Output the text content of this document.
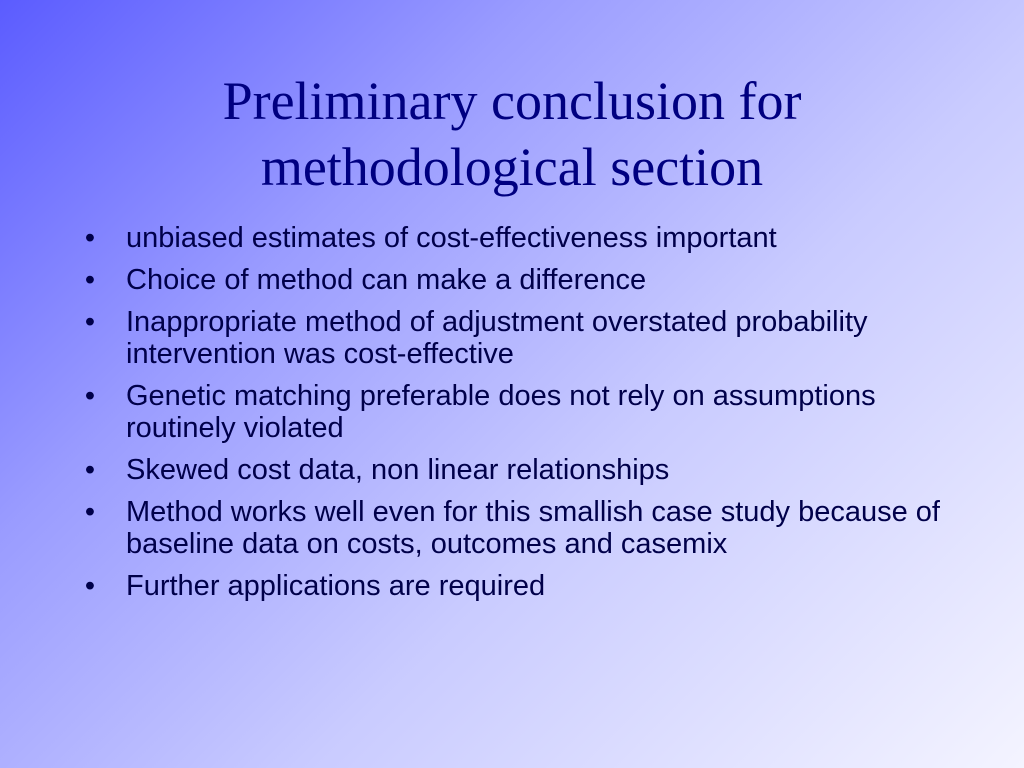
Preliminary conclusion for
methodological section
• unbiased estimates of cost-effectiveness important
• Choice of method can make a difference
• Inappropriate method of adjustment overstated probability intervention was cost-effective
• Genetic matching preferable does not rely on assumptions routinely violated
• Skewed cost data, non linear relationships
• Method works well even for this smallish case study because of baseline data on costs, outcomes and casemix
• Further applications are required
